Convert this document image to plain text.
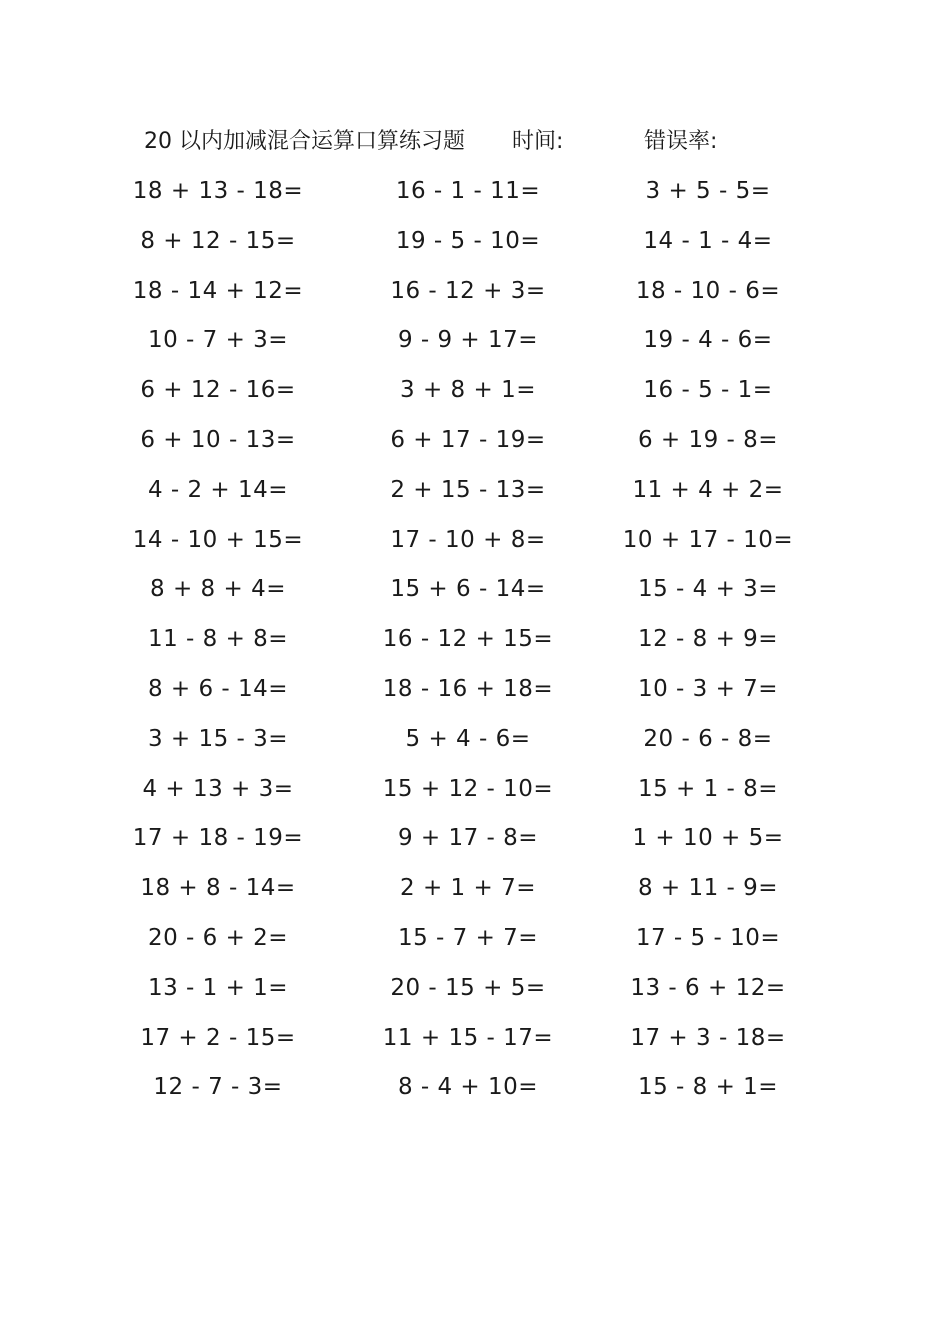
20 以内加减混合运算口算练习题 时间:	错误率:
18 + 13 - 18=	16 - 1 - 11=	3 + 5 - 5=
8 + 12 - 15=	19 - 5 - 10=	14 - 1 - 4=
18 - 14 + 12=	16 - 12 + 3=	18 - 10 - 6=
10 - 7 + 3=	9 - 9 + 17=	19 - 4 - 6=
6 + 12 - 16=	3 + 8 + 1=	16 - 5 - 1=
6 + 10 - 13=	6 + 17 - 19=	6 + 19 - 8=
4 - 2 + 14=	2 + 15 - 13=	11 + 4 + 2=
14 - 10 + 15=	17 - 10 + 8=	10 + 17 - 10=
8 + 8 + 4=	15 + 6 - 14=	15 - 4 + 3=
11 - 8 + 8=	16 - 12 + 15=	12 - 8 + 9=
8 + 6 - 14=	18 - 16 + 18=	10 - 3 + 7=
3 + 15 - 3=	5 + 4 - 6=	20 - 6 - 8=
4 + 13 + 3=	15 + 12 - 10=	15 + 1 - 8=
17 + 18 - 19=	9 + 17 - 8=	1 + 10 + 5=
18 + 8 - 14=	2 + 1 + 7=	8 + 11 - 9=
20 - 6 + 2=	15 - 7 + 7=	17 - 5 - 10=
13 - 1 + 1=	20 - 15 + 5=	13 - 6 + 12=
17 + 2 - 15=	11 + 15 - 17=	17 + 3 - 18=
12 - 7 - 3=	8 - 4 + 10=	15 - 8 + 1=
